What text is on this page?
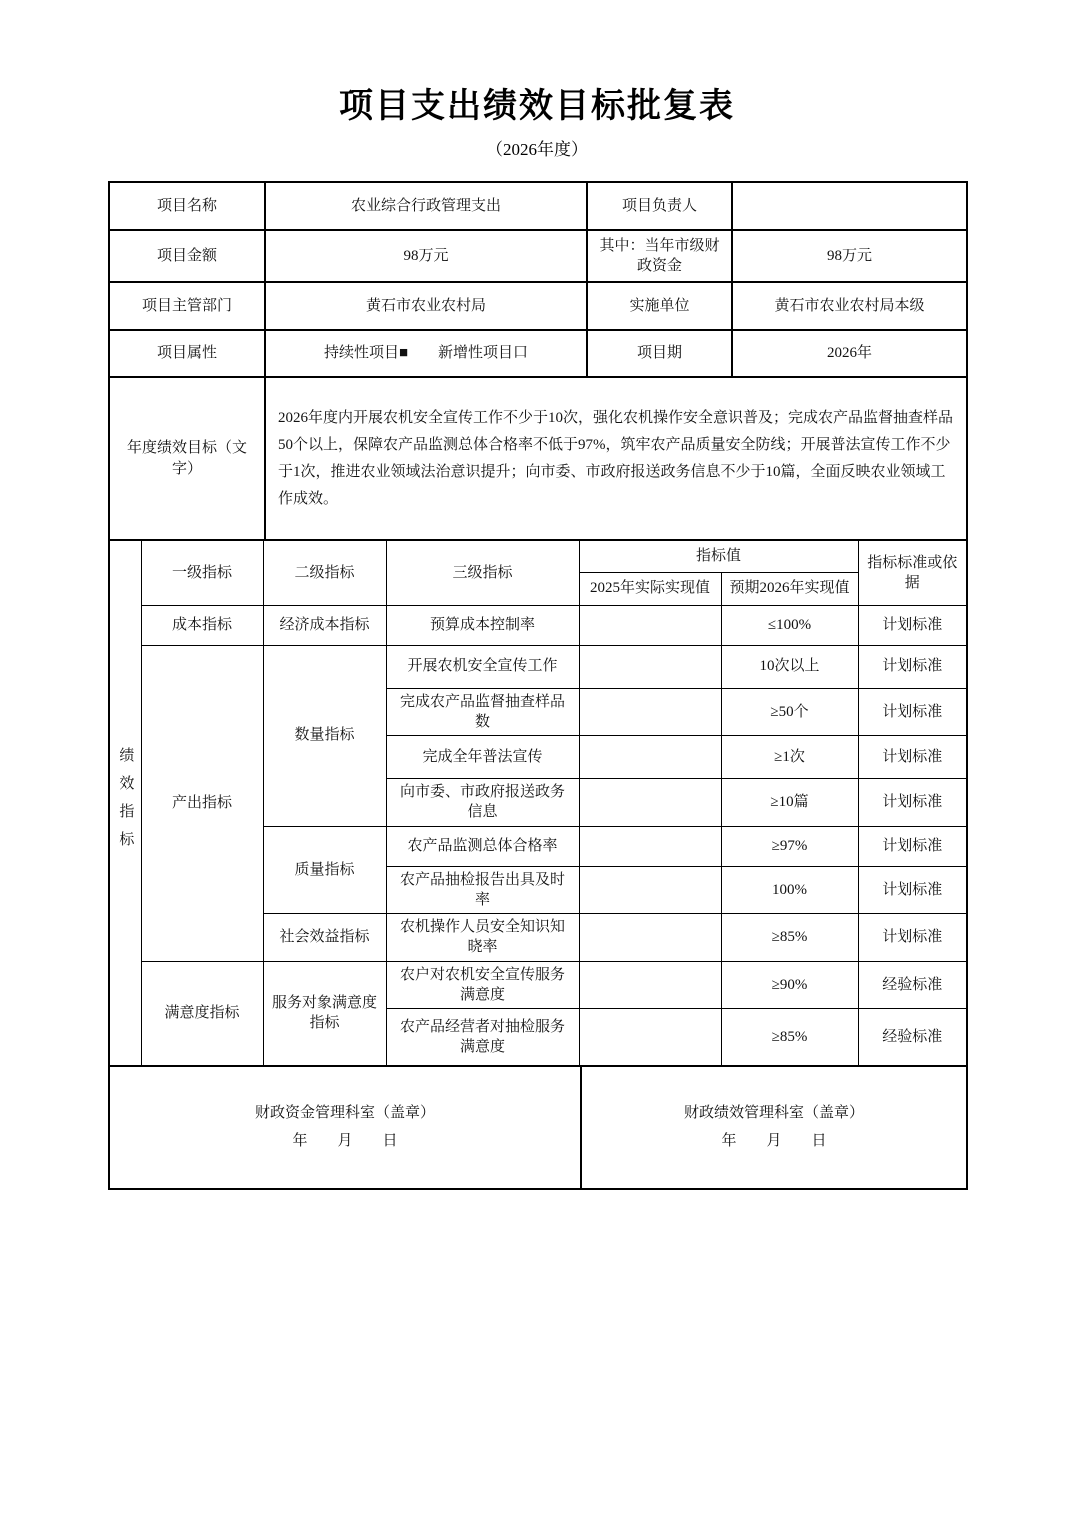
项目支出绩效目标批复表
（2026年度）
项目名称	农业综合行政管理支出	项目负责人	
项目金额	98万元	其中：当年市级财政资金	98万元
项目主管部门	黄石市农业农村局	实施单位	黄石市农业农村局本级
项目属性	持续性项目■　　新增性项目口	项目期	2026年
年度绩效目标（文字）	2026年度内开展农机安全宣传工作不少于10次，强化农机操作安全意识普及；完成农产品监督抽查样品50个以上，保障农产品监测总体合格率不低于97%，筑牢农产品质量安全防线；开展普法宣传工作不少于1次，推进农业领域法治意识提升；向市委、市政府报送政务信息不少于10篇，全面反映农业领域工作成效。		
绩效指标	一级指标	二级指标	三级指标	指标值		指标标准或依据
				2025年实际实现值	预期2026年实现值	
	成本指标	经济成本指标	预算成本控制率		≤100%	计划标准
	产出指标	数量指标	开展农机安全宣传工作		10次以上	计划标准
			完成农产品监督抽查样品数		≥50个	计划标准
			完成全年普法宣传		≥1次	计划标准
			向市委、市政府报送政务信息		≥10篇	计划标准
		质量指标	农产品监测总体合格率		≥97%	计划标准
			农产品抽检报告出具及时率		100%	计划标准
		社会效益指标	农机操作人员安全知识知晓率		≥85%	计划标准
	满意度指标	服务对象满意度指标	农户对农机安全宣传服务满意度		≥90%	经验标准
			农产品经营者对抽检服务满意度		≥85%	经验标准
财政资金管理科室（盖章）
年　　月　　日

财政绩效管理科室（盖章）
年　　月　　日
